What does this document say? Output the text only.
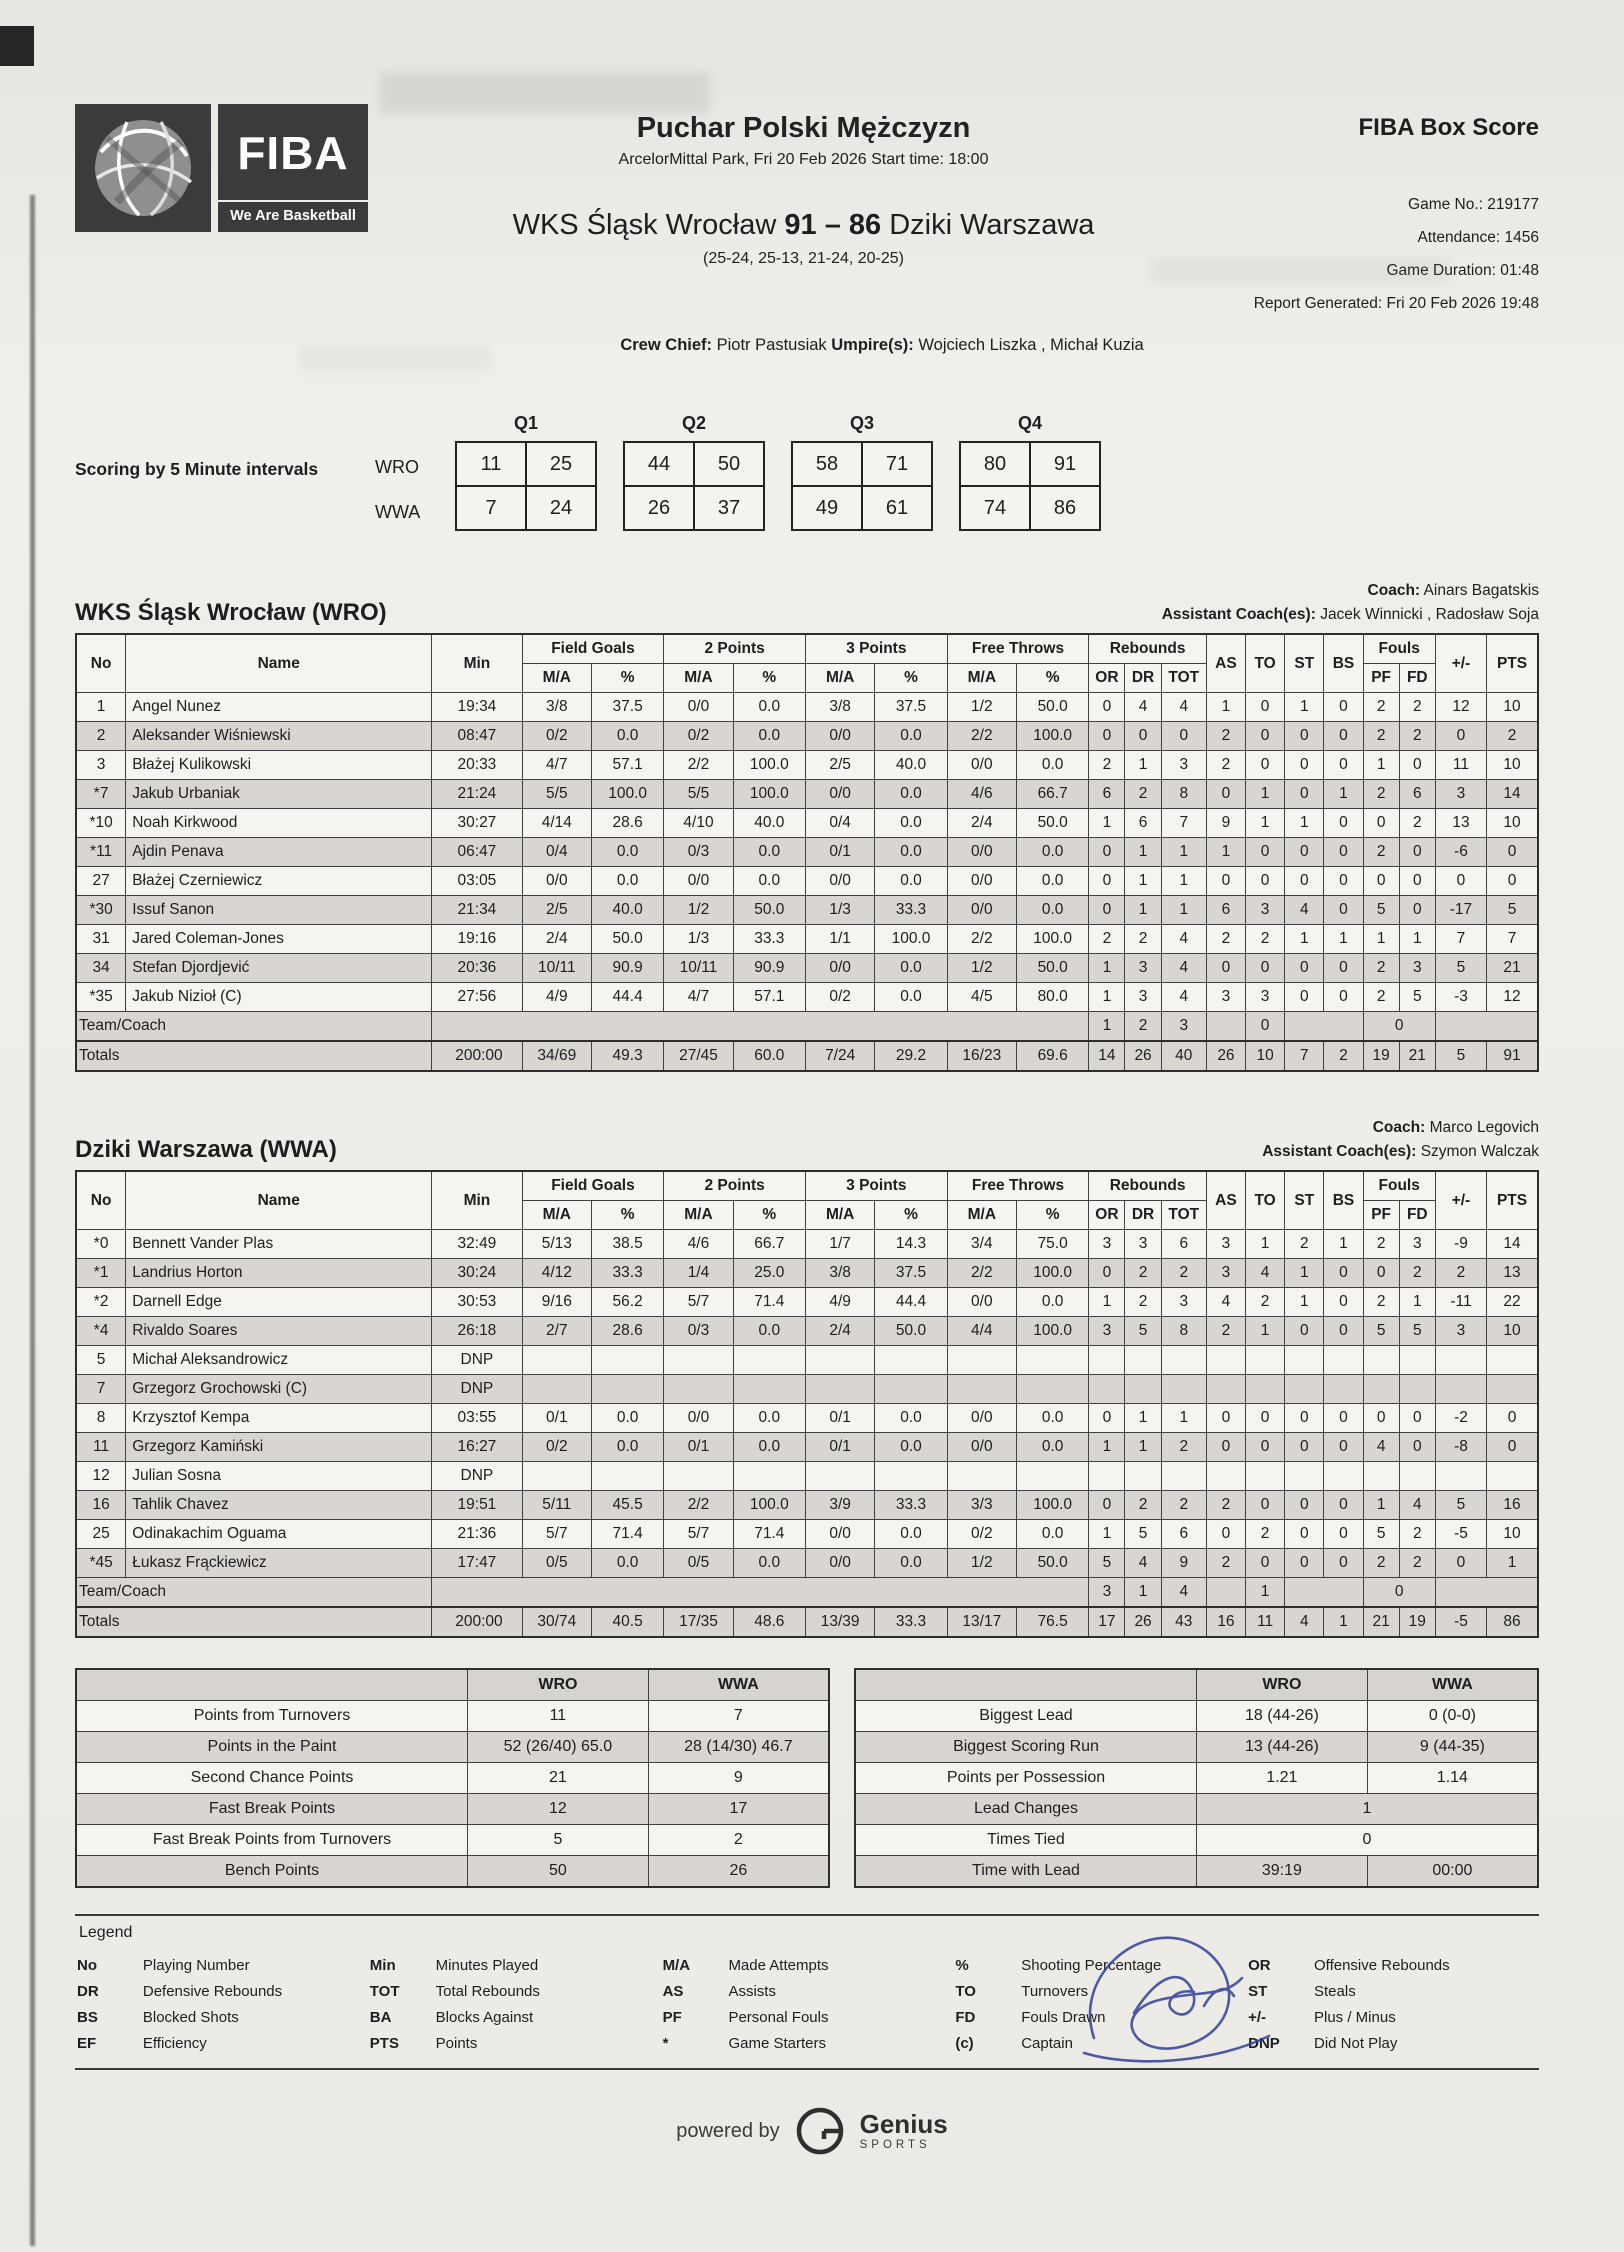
FIBA
We Are Basketball
Puchar Polski Mężczyzn
ArcelorMittal Park, Fri 20 Feb 2026 Start time: 18:00
WKS Śląsk Wrocław 91 – 86 Dziki Warszawa
(25-24, 25-13, 21-24, 20-25)
FIBA Box Score
Game No.: 219177
Attendance: 1456
Game Duration: 01:48
Report Generated: Fri 20 Feb 2026 19:48
Crew Chief: Piotr Pastusiak Umpire(s): Wojciech Liszka , Michał Kuzia
Scoring by 5 Minute intervals	WRO
WWA
Q1
11	25
7	24
Q2
44	50
26	37
Q3
58	71
49	61
Q4
80	91
74	86
WKS Śląsk Wrocław (WRO)
Coach: Ainars Bagatskis
Assistant Coach(es): Jacek Winnicki , Radosław Soja
No	Name	Min	Field Goals		2 Points		3 Points		Free Throws		Rebounds			AS	TO	ST	BS	Fouls		+/-	PTS
			M/A	%	M/A	%	M/A	%	M/A	%	OR	DR	TOT					PF	FD		
1	Angel Nunez	19:34	3/8	37.5	0/0	0.0	3/8	37.5	1/2	50.0	0	4	4	1	0	1	0	2	2	12	10
2	Aleksander Wiśniewski	08:47	0/2	0.0	0/2	0.0	0/0	0.0	2/2	100.0	0	0	0	2	0	0	0	2	2	0	2
3	Błażej Kulikowski	20:33	4/7	57.1	2/2	100.0	2/5	40.0	0/0	0.0	2	1	3	2	0	0	0	1	0	11	10
*7	Jakub Urbaniak	21:24	5/5	100.0	5/5	100.0	0/0	0.0	4/6	66.7	6	2	8	0	1	0	1	2	6	3	14
*10	Noah Kirkwood	30:27	4/14	28.6	4/10	40.0	0/4	0.0	2/4	50.0	1	6	7	9	1	1	0	0	2	13	10
*11	Ajdin Penava	06:47	0/4	0.0	0/3	0.0	0/1	0.0	0/0	0.0	0	1	1	1	0	0	0	2	0	-6	0
27	Błażej Czerniewicz	03:05	0/0	0.0	0/0	0.0	0/0	0.0	0/0	0.0	0	1	1	0	0	0	0	0	0	0	0
*30	Issuf Sanon	21:34	2/5	40.0	1/2	50.0	1/3	33.3	0/0	0.0	0	1	1	6	3	4	0	5	0	-17	5
31	Jared Coleman-Jones	19:16	2/4	50.0	1/3	33.3	1/1	100.0	2/2	100.0	2	2	4	2	2	1	1	1	1	7	7
34	Stefan Djordjević	20:36	10/11	90.9	10/11	90.9	0/0	0.0	1/2	50.0	1	3	4	0	0	0	0	2	3	5	21
*35	Jakub Nizioł (C)	27:56	4/9	44.4	4/7	57.1	0/2	0.0	4/5	80.0	1	3	4	3	3	0	0	2	5	-3	12
Team/Coach											1	2	3		0			0			
Totals		200:00	34/69	49.3	27/45	60.0	7/24	29.2	16/23	69.6	14	26	40	26	10	7	2	19	21	5	91
Dziki Warszawa (WWA)
Coach: Marco Legovich
Assistant Coach(es): Szymon Walczak
No	Name	Min	Field Goals		2 Points		3 Points		Free Throws		Rebounds			AS	TO	ST	BS	Fouls		+/-	PTS
			M/A	%	M/A	%	M/A	%	M/A	%	OR	DR	TOT					PF	FD		
*0	Bennett Vander Plas	32:49	5/13	38.5	4/6	66.7	1/7	14.3	3/4	75.0	3	3	6	3	1	2	1	2	3	-9	14
*1	Landrius Horton	30:24	4/12	33.3	1/4	25.0	3/8	37.5	2/2	100.0	0	2	2	3	4	1	0	0	2	2	13
*2	Darnell Edge	30:53	9/16	56.2	5/7	71.4	4/9	44.4	0/0	0.0	1	2	3	4	2	1	0	2	1	-11	22
*4	Rivaldo Soares	26:18	2/7	28.6	0/3	0.0	2/4	50.0	4/4	100.0	3	5	8	2	1	0	0	5	5	3	10
5	Michał Aleksandrowicz	DNP																			
7	Grzegorz Grochowski (C)	DNP																			
8	Krzysztof Kempa	03:55	0/1	0.0	0/0	0.0	0/1	0.0	0/0	0.0	0	1	1	0	0	0	0	0	0	-2	0
11	Grzegorz Kamiński	16:27	0/2	0.0	0/1	0.0	0/1	0.0	0/0	0.0	1	1	2	0	0	0	0	4	0	-8	0
12	Julian Sosna	DNP																			
16	Tahlik Chavez	19:51	5/11	45.5	2/2	100.0	3/9	33.3	3/3	100.0	0	2	2	2	0	0	0	1	4	5	16
25	Odinakachim Oguama	21:36	5/7	71.4	5/7	71.4	0/0	0.0	0/2	0.0	1	5	6	0	2	0	0	5	2	-5	10
*45	Łukasz Frąckiewicz	17:47	0/5	0.0	0/5	0.0	0/0	0.0	1/2	50.0	5	4	9	2	0	0	0	2	2	0	1
Team/Coach											3	1	4		1			0			
Totals		200:00	30/74	40.5	17/35	48.6	13/39	33.3	13/17	76.5	17	26	43	16	11	4	1	21	19	-5	86
	WRO	WWA
Points from Turnovers	11	7
Points in the Paint	52 (26/40) 65.0	28 (14/30) 46.7
Second Chance Points	21	9
Fast Break Points	12	17
Fast Break Points from Turnovers	5	2
Bench Points	50	26
	WRO	WWA
Biggest Lead	18 (44-26)	0 (0-0)
Biggest Scoring Run	13 (44-26)	9 (44-35)
Points per Possession	1.21	1.14
Lead Changes	1	
Times Tied	0	
Time with Lead	39:19	00:00
Legend
No	Playing Number	Min	Minutes Played	M/A	Made Attempts	%	Shooting Percentage	OR	Offensive Rebounds
DR	Defensive Rebounds	TOT	Total Rebounds	AS	Assists	TO	Turnovers	ST	Steals
BS	Blocked Shots	BA	Blocks Against	PF	Personal Fouls	FD	Fouls Drawn	+/-	Plus / Minus
EF	Efficiency	PTS	Points	*	Game Starters	(c)	Captain	DNP	Did Not Play
powered by	Genius
SPORTS
